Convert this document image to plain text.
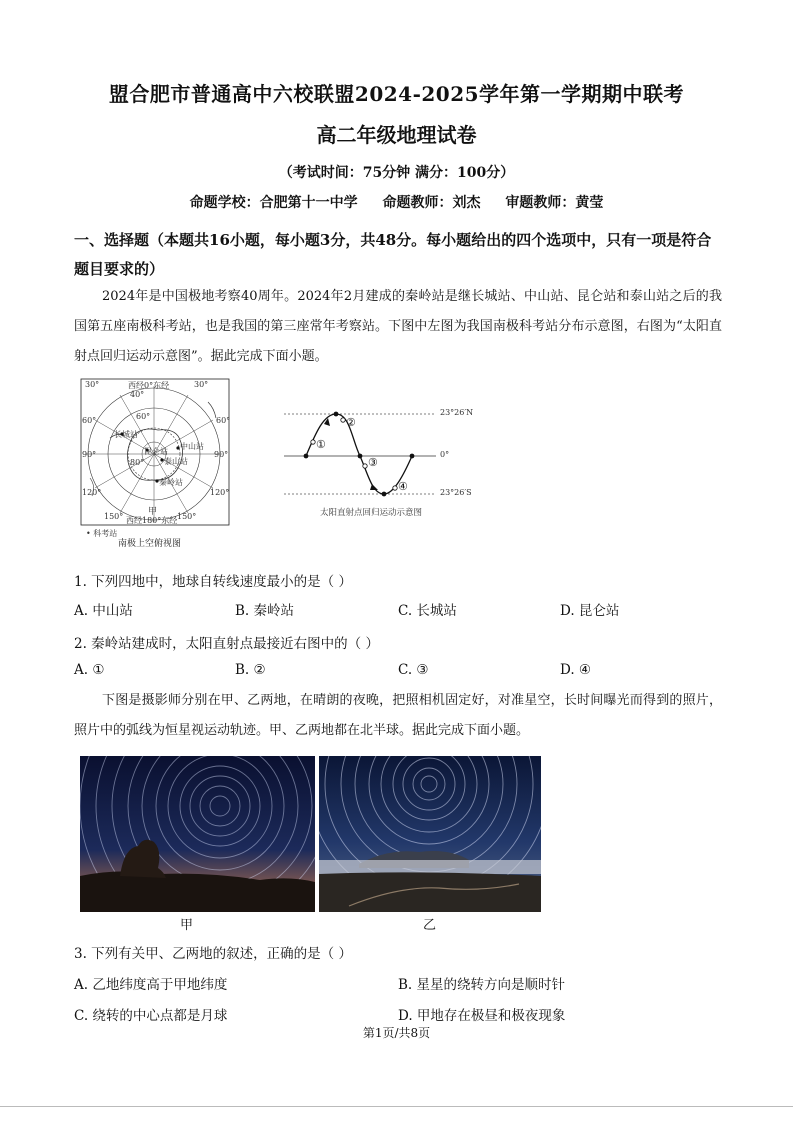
盟合肥市普通高中六校联盟2024-2025学年第一学期期中联考
高二年级地理试卷
（考试时间：75分钟 满分：100分）
命题学校：合肥第十一中学 命题教师：刘杰 审题教师：黄莹
一、选择题（本题共16小题，每小题3分，共48分。每小题给出的四个选项中，只有一项是符合题目要求的）
2024年是中国极地考察40周年。2024年2月建成的秦岭站是继长城站、中山站、昆仑站和泰山站之后的我国第五座南极科考站，也是我国的第三座常年考察站。下图中左图为我国南极科考站分布示意图，右图为“太阳直射点回归运动示意图”。据此完成下面小题。
西经0°东经
30°	30°
40°
60°	60°	60°
80°
90°	90°
120°	120°
150°	150°
西经180°东经
长城站
中山站
昆仑站
泰山站
秦岭站
甲
• 科考站
南极上空俯视图
23°26′N
0°
23°26′S
①
②
③
④
太阳直射点回归运动示意图
1. 下列四地中，地球自转线速度最小的是（ ）
A. 中山站	B. 秦岭站	C. 长城站	D. 昆仑站
2. 秦岭站建成时，太阳直射点最接近右图中的（ ）
A. ①	B. ②	C. ③	D. ④
下图是摄影师分别在甲、乙两地，在晴朗的夜晚，把照相机固定好，对准星空，长时间曝光而得到的照片，照片中的弧线为恒星视运动轨迹。甲、乙两地都在北半球。据此完成下面小题。
甲	乙
3. 下列有关甲、乙两地的叙述，正确的是（ ）
A. 乙地纬度高于甲地纬度	B. 星星的绕转方向是顺时针
C. 绕转的中心点都是月球	D. 甲地存在极昼和极夜现象
第1页/共8页
